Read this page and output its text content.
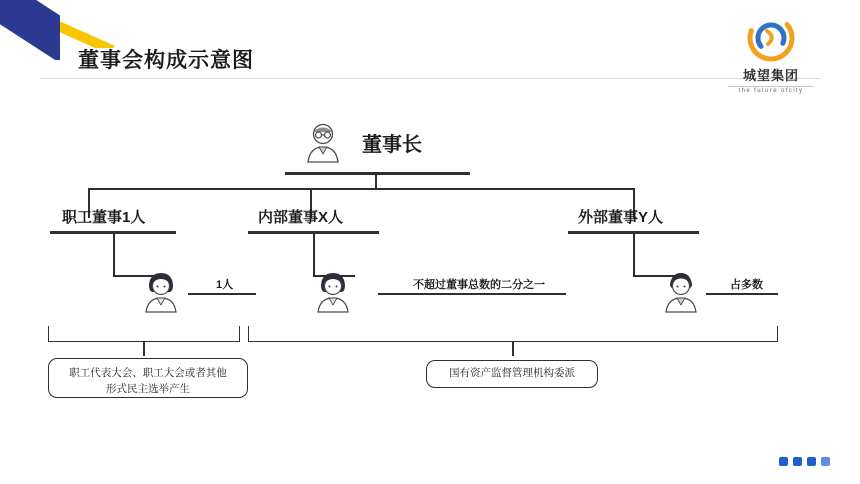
董事会构成示意图
城望集团
the future ofcity
董事长
职工董事1人	内部董事X人	外部董事Y人
1人	不超过董事总数的二分之一	占多数
职工代表大会、职工大会或者其他
形式民主选举产生
国有资产监督管理机构委派
